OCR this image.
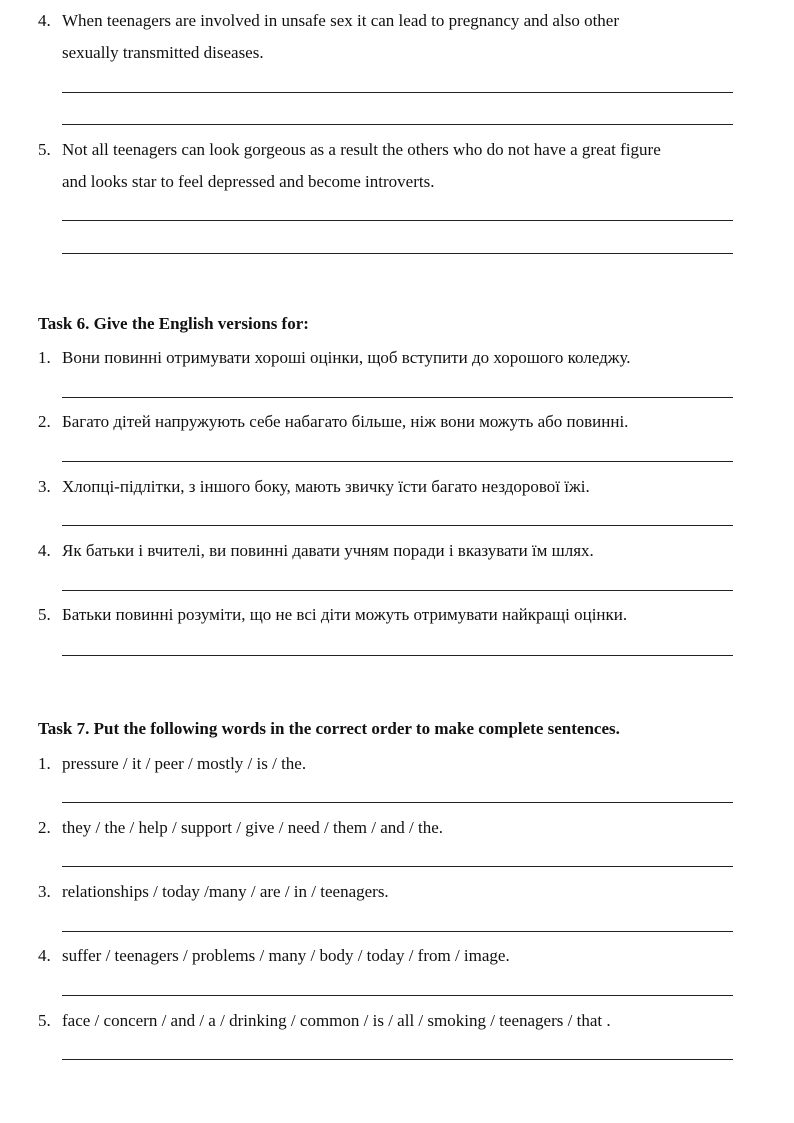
4. When teenagers are involved in unsafe sex it can lead to pregnancy and also other
sexually transmitted diseases.
5. Not all teenagers can look gorgeous as a result the others who do not have a great figure
and looks star to feel depressed and become introverts.
Task 6. Give the English versions for:
1. Вони повинні отримувати хороші оцінки, щоб вступити до хорошого коледжу.
2. Багато дітей напружують себе набагато більше, ніж вони можуть або повинні.
3. Хлопці-підлітки, з іншого боку, мають звичку їсти багато нездорової їжі.
4. Як батьки і вчителі, ви повинні давати учням поради і вказувати їм шлях.
5. Батьки повинні розуміти, що не всі діти можуть отримувати найкращі оцінки.
Task 7. Put the following words in the correct order to make complete sentences.
1. pressure / it / peer / mostly / is / the.
2. they / the / help / support / give / need / them / and / the.
3. relationships / today /many / are / in / teenagers.
4. suffer / teenagers / problems / many / body / today / from / image.
5. face / concern / and / a / drinking / common / is / all / smoking / teenagers / that .
